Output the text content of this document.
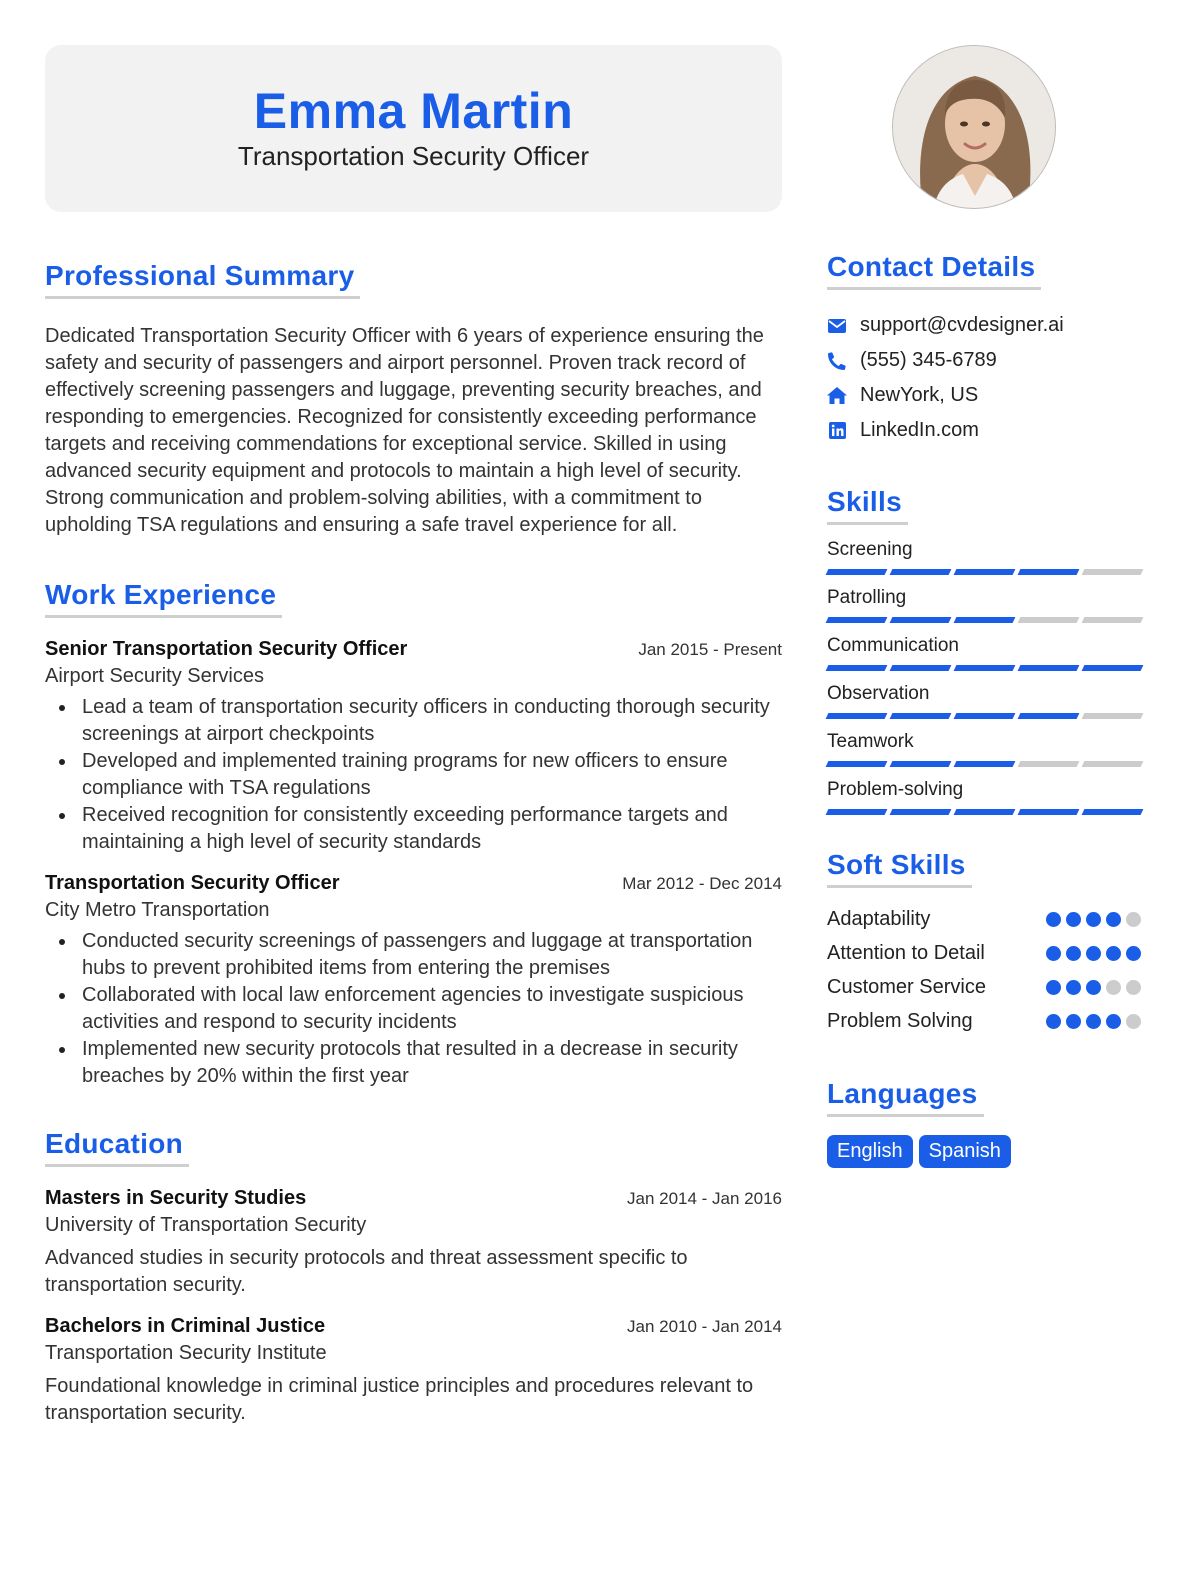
Emma Martin
Transportation Security Officer
Professional Summary

Dedicated Transportation Security Officer with 6 years of experience ensuring the safety and security of passengers and airport personnel. Proven track record of effectively screening passengers and luggage, preventing security breaches, and responding to emergencies. Recognized for consistently exceeding performance targets and receiving commendations for exceptional service. Skilled in using advanced security equipment and protocols to maintain a high level of security. Strong communication and problem-solving abilities, with a commitment to upholding TSA regulations and ensuring a safe travel experience for all.

Work Experience
Senior Transportation Security Officer	Jan 2015 - Present
Airport Security Services
Lead a team of transportation security officers in conducting thorough security screenings at airport checkpoints
Developed and implemented training programs for new officers to ensure compliance with TSA regulations
Received recognition for consistently exceeding performance targets and maintaining a high level of security standards
Transportation Security Officer	Mar 2012 - Dec 2014
City Metro Transportation
Conducted security screenings of passengers and luggage at transportation hubs to prevent prohibited items from entering the premises
Collaborated with local law enforcement agencies to investigate suspicious activities and respond to security incidents
Implemented new security protocols that resulted in a decrease in security breaches by 20% within the first year
Education
Masters in Security Studies	Jan 2014 - Jan 2016
University of Transportation Security

Advanced studies in security protocols and threat assessment specific to transportation security.

Bachelors in Criminal Justice	Jan 2010 - Jan 2014
Transportation Security Institute

Foundational knowledge in criminal justice principles and procedures relevant to transportation security.

Contact Details
support@cvdesigner.ai
(555) 345-6789
NewYork, US
LinkedIn.com
Skills
Screening
Patrolling
Communication
Observation
Teamwork
Problem-solving
Soft Skills
Adaptability
Attention to Detail
Customer Service
Problem Solving
Languages
English	Spanish
